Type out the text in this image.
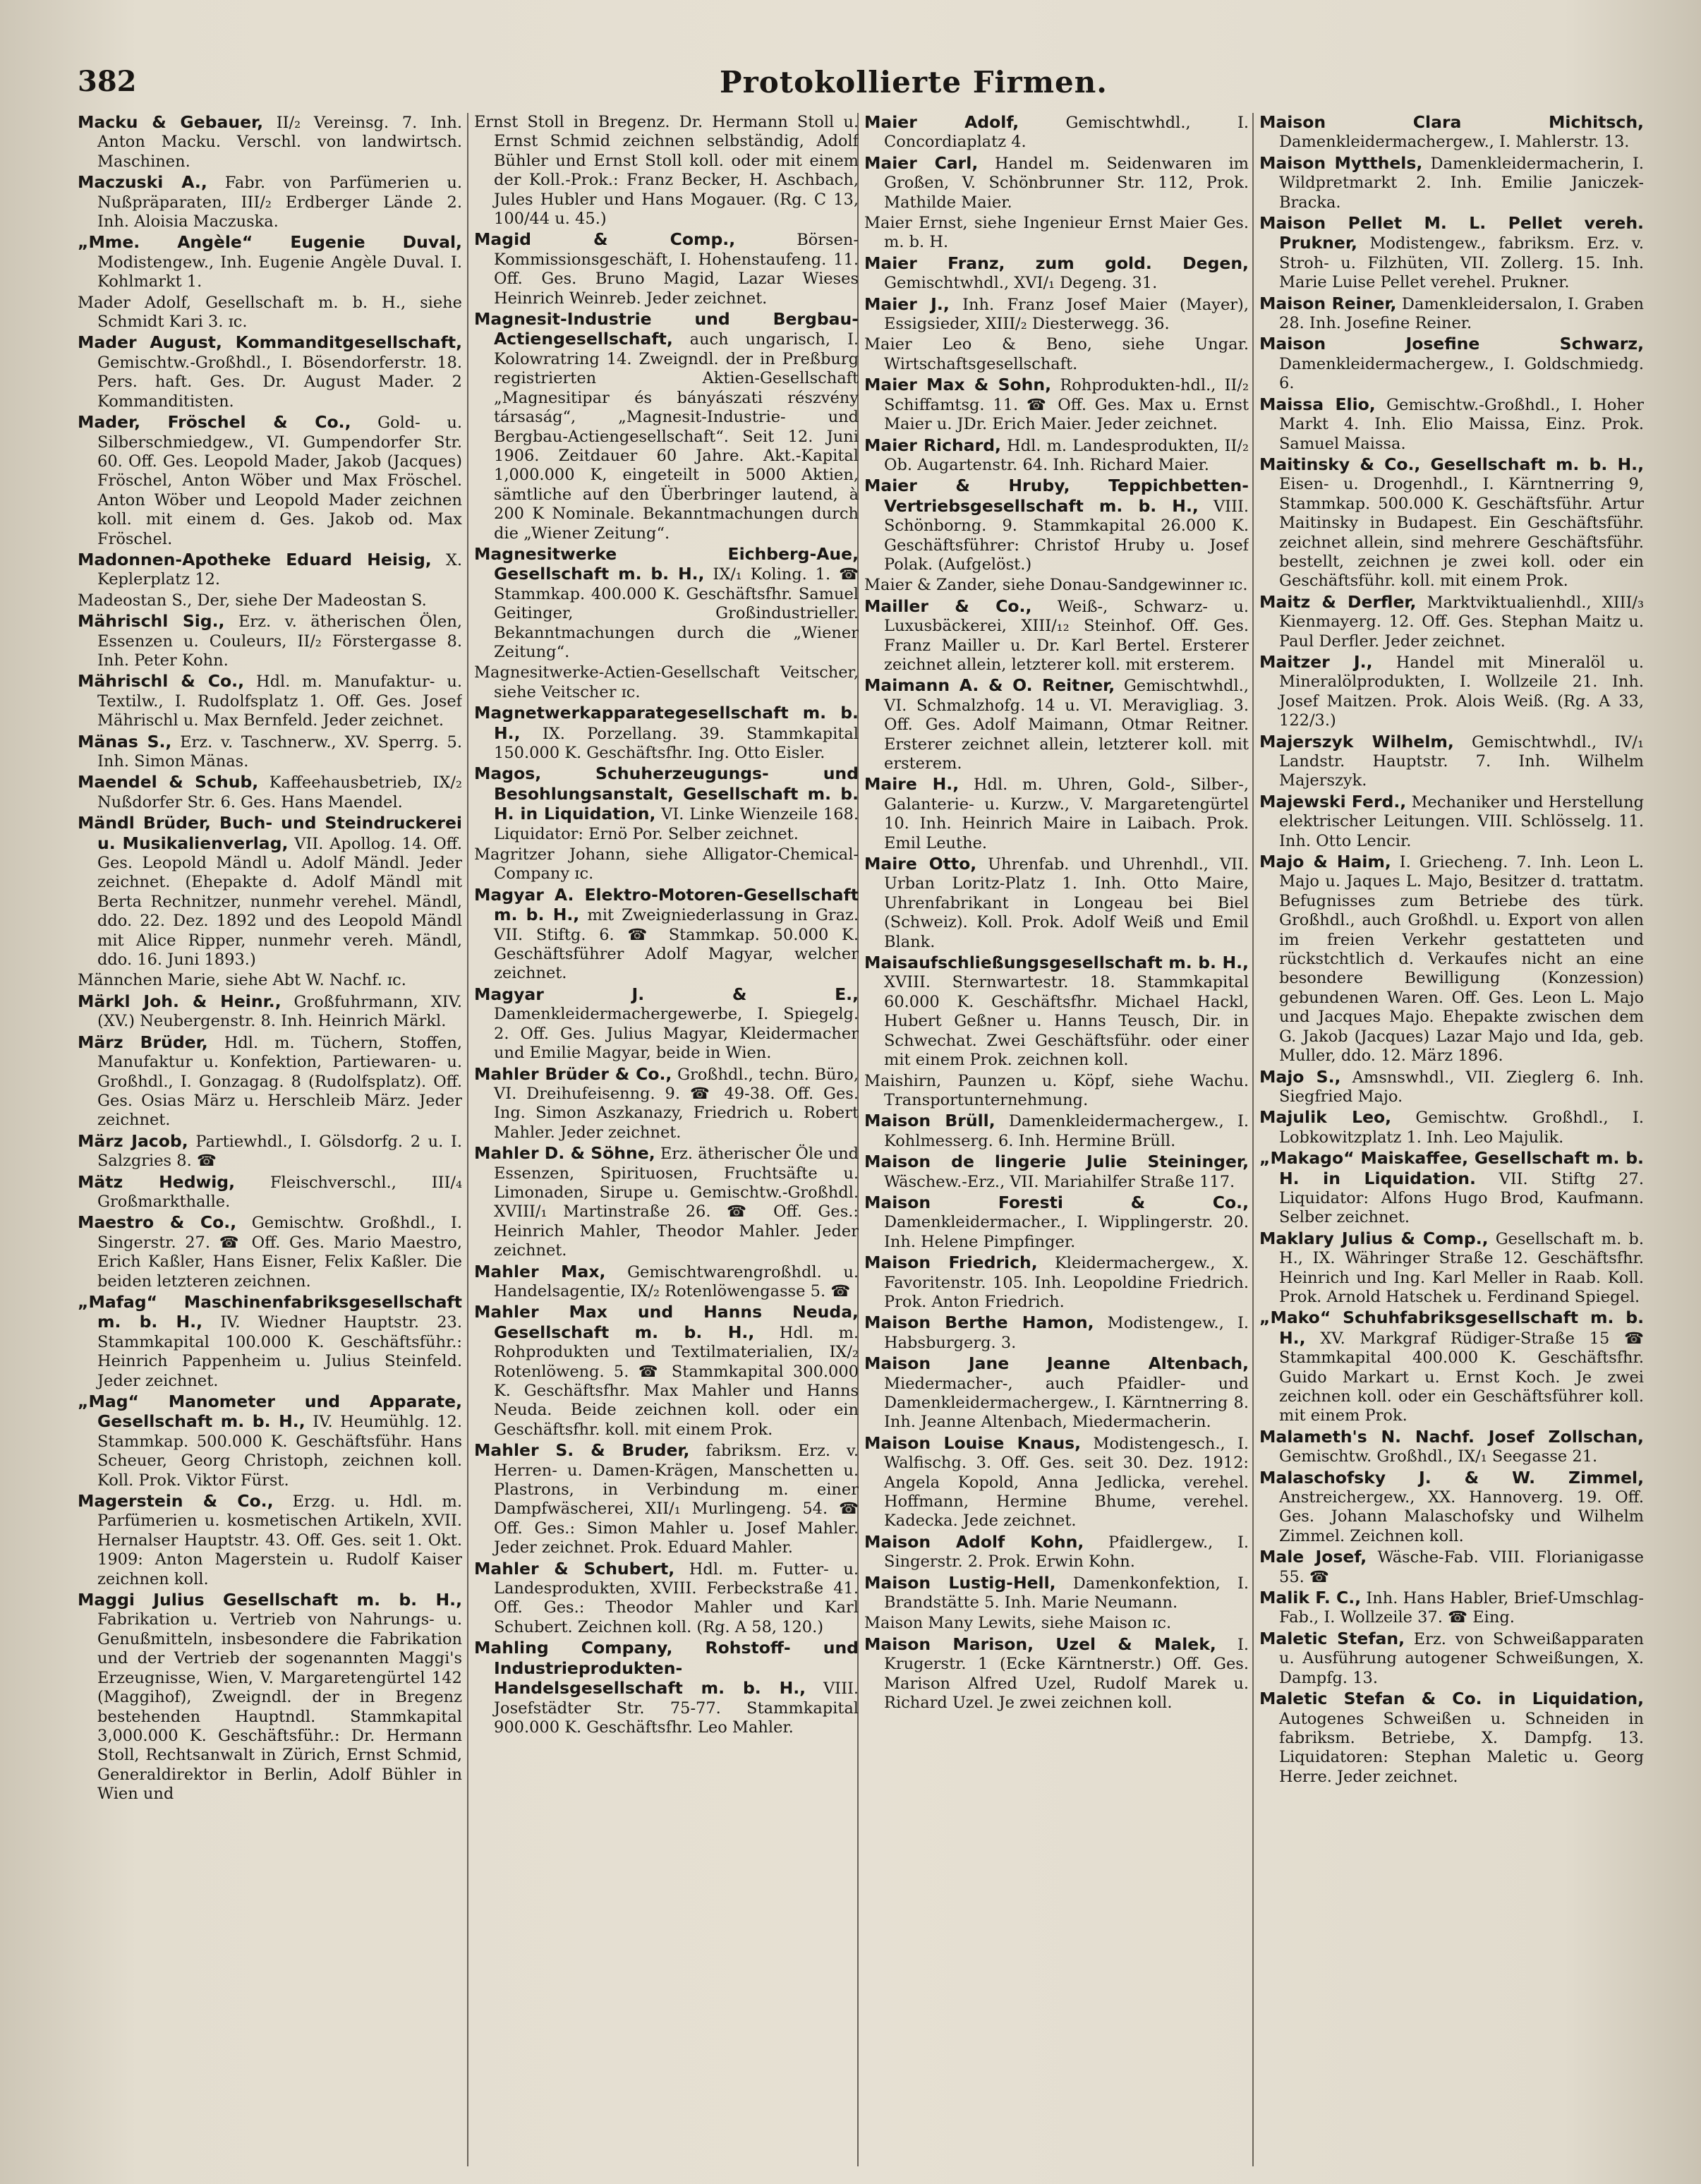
382	Protokollierte Firmen.

Macku & Gebauer, II/₂ Vereinsg. 7. Inh. Anton Macku. Verschl. von landwirtsch. Maschinen.

Maczuski A., Fabr. von Parfümerien u. Nußpräparaten, III/₂ Erdberger Lände 2. Inh. Aloisia Maczuska.

„Mme. Angèle“ Eugenie Duval, Modistengew., Inh. Eugenie Angèle Duval. I. Kohlmarkt 1.

Mader Adolf, Gesellschaft m. b. H., siehe Schmidt Kari 3. ɪc.

Mader August, Kommanditgesellschaft, Gemischtw.-Großhdl., I. Bösendorferstr. 18. Pers. haft. Ges. Dr. August Mader. 2 Kommanditisten.

Mader, Fröschel & Co., Gold- u. Silberschmiedgew., VI. Gumpendorfer Str. 60. Off. Ges. Leopold Mader, Jakob (Jacques) Fröschel, Anton Wöber und Max Fröschel. Anton Wöber und Leopold Mader zeichnen koll. mit einem d. Ges. Jakob od. Max Fröschel.

Madonnen-Apotheke Eduard Heisig, X. Keplerplatz 12.

Madeostan S., Der, siehe Der Madeostan S.

Mährischl Sig., Erz. v. ätherischen Ölen, Essenzen u. Couleurs, II/₂ Förstergasse 8. Inh. Peter Kohn.

Mährischl & Co., Hdl. m. Manufaktur- u. Textilw., I. Rudolfsplatz 1. Off. Ges. Josef Mährischl u. Max Bernfeld. Jeder zeichnet.

Mänas S., Erz. v. Taschnerw., XV. Sperrg. 5. Inh. Simon Mänas.

Maendel & Schub, Kaffeehausbetrieb, IX/₂ Nußdorfer Str. 6. Ges. Hans Maendel.

Mändl Brüder, Buch- und Steindruckerei u. Musikalienverlag, VII. Apollog. 14. Off. Ges. Leopold Mändl u. Adolf Mändl. Jeder zeichnet. (Ehepakte d. Adolf Mändl mit Berta Rechnitzer, nunmehr verehel. Mändl, ddo. 22. Dez. 1892 und des Leopold Mändl mit Alice Ripper, nunmehr vereh. Mändl, ddo. 16. Juni 1893.)

Männchen Marie, siehe Abt W. Nachf. ɪc.

Märkl Joh. & Heinr., Großfuhrmann, XIV. (XV.) Neubergenstr. 8. Inh. Heinrich Märkl.

März Brüder, Hdl. m. Tüchern, Stoffen, Manufaktur u. Konfektion, Partiewaren- u. Großhdl., I. Gonzagag. 8 (Rudolfsplatz). Off. Ges. Osias März u. Herschleib März. Jeder zeichnet.

März Jacob, Partiewhdl., I. Gölsdorfg. 2 u. I. Salzgries 8. ☎

Mätz Hedwig, Fleischverschl., III/₄ Großmarkthalle.

Maestro & Co., Gemischtw. Großhdl., I. Singerstr. 27. ☎ Off. Ges. Mario Maestro, Erich Kaßler, Hans Eisner, Felix Kaßler. Die beiden letzteren zeichnen.

„Mafag“ Maschinenfabriksgesellschaft m. b. H., IV. Wiedner Hauptstr. 23. Stammkapital 100.000 K. Geschäftsführ.: Heinrich Pappenheim u. Julius Steinfeld. Jeder zeichnet.

„Mag“ Manometer und Apparate, Gesellschaft m. b. H., IV. Heumühlg. 12. Stammkap. 500.000 K. Geschäftsführ. Hans Scheuer, Georg Christoph, zeichnen koll. Koll. Prok. Viktor Fürst.

Magerstein & Co., Erzg. u. Hdl. m. Parfümerien u. kosmetischen Artikeln, XVII. Hernalser Hauptstr. 43. Off. Ges. seit 1. Okt. 1909: Anton Magerstein u. Rudolf Kaiser zeichnen koll.

Maggi Julius Gesellschaft m. b. H., Fabrikation u. Vertrieb von Nahrungs- u. Genußmitteln, insbesondere die Fabrikation und der Vertrieb der sogenannten Maggi's Erzeugnisse, Wien, V. Margaretengürtel 142 (Maggihof), Zweigndl. der in Bregenz bestehenden Hauptndl. Stammkapital 3,000.000 K. Geschäftsführ.: Dr. Hermann Stoll, Rechtsanwalt in Zürich, Ernst Schmid, Generaldirektor in Berlin, Adolf Bühler in Wien und

Ernst Stoll in Bregenz. Dr. Hermann Stoll u. Ernst Schmid zeichnen selbständig, Adolf Bühler und Ernst Stoll koll. oder mit einem der Koll.-Prok.: Franz Becker, H. Aschbach, Jules Hubler und Hans Mogauer. (Rg. C 13, 100/44 u. 45.)

Magid & Comp.,	Börsen-Kommissionsgeschäft, I. Hohenstaufeng. 11. Off. Ges. Bruno Magid, Lazar Wieses Heinrich Weinreb. Jeder zeichnet.

Magnesit-Industrie und Bergbau-Actiengesellschaft, auch ungarisch, I. Kolowratring 14. Zweigndl. der in Preßburg registrierten Aktien-Gesellschaft „Magnesitipar és bányászati részvény társaság“, „Magnesit-Industrie- und Bergbau-Actiengesellschaft“. Seit 12. Juni 1906. Zeitdauer 60 Jahre. Akt.-Kapital 1,000.000 K, eingeteilt in 5000 Aktien, sämtliche auf den Überbringer lautend, à 200 K Nominale. Bekanntmachungen durch die „Wiener Zeitung“.

Magnesitwerke Eichberg-Aue, Gesellschaft m. b. H., IX/₁ Koling. 1. ☎ Stammkap. 400.000 K. Geschäftsfhr. Samuel Geitinger, Großindustrieller. Bekanntmachungen durch die „Wiener Zeitung“.

Magnesitwerke-Actien-Gesellschaft Veitscher, siehe Veitscher ɪc.

Magnetwerkapparategesellschaft m. b. H., IX. Porzellang. 39. Stammkapital 150.000 K. Geschäftsfhr. Ing. Otto Eisler.

Magos, Schuherzeugungs- und Besohlungsanstalt, Gesellschaft m. b. H. in Liquidation, VI. Linke Wienzeile 168. Liquidator: Ernö Por. Selber zeichnet.

Magritzer Johann, siehe Alligator-Chemical-Company ɪc.

Magyar A. Elektro-Motoren-Gesellschaft m. b. H., mit Zweigniederlassung in Graz. VII. Stiftg. 6. ☎ Stammkap. 50.000 K. Geschäftsführer Adolf Magyar, welcher zeichnet.

Magyar J. & E., Damenkleidermachergewerbe, I. Spiegelg. 2. Off. Ges. Julius Magyar, Kleidermacher und Emilie Magyar, beide in Wien.

Mahler Brüder & Co., Großhdl., techn. Büro, VI. Dreihufeisenng. 9. ☎ 49-38. Off. Ges. Ing. Simon Aszkanazy, Friedrich u. Robert Mahler. Jeder zeichnet.

Mahler D. & Söhne, Erz. ätherischer Öle und Essenzen, Spirituosen, Fruchtsäfte u. Limonaden, Sirupe u. Gemischtw.-Großhdl. XVIII/₁ Martinstraße 26. ☎ Off. Ges.: Heinrich Mahler, Theodor Mahler. Jeder zeichnet.

Mahler Max, Gemischtwarengroßhdl. u. Handelsagentie, IX/₂ Rotenlöwengasse 5. ☎

Mahler Max und Hanns Neuda, Gesellschaft m. b. H., Hdl. m. Rohprodukten und Textilmaterialien, IX/₂ Rotenlöweng. 5. ☎ Stammkapital 300.000 K. Geschäftsfhr. Max Mahler und Hanns Neuda. Beide zeichnen koll. oder ein Geschäftsfhr. koll. mit einem Prok.

Mahler S. & Bruder, fabriksm. Erz. v. Herren- u. Damen-Krägen, Manschetten u. Plastrons, in Verbindung m. einer Dampfwäscherei, XII/₁ Murlingeng. 54. ☎ Off. Ges.: Simon Mahler u. Josef Mahler. Jeder zeichnet. Prok. Eduard Mahler.

Mahler & Schubert, Hdl. m. Futter- u. Landesprodukten, XVIII. Ferbeckstraße 41. Off. Ges.: Theodor Mahler und Karl Schubert. Zeichnen koll. (Rg. A 58, 120.)

Mahling Company, Rohstoff- und Industrieprodukten-Handelsgesellschaft m. b. H., VIII. Josefstädter Str. 75-77. Stammkapital 900.000 K. Geschäftsfhr. Leo Mahler.

Maier Adolf,	Gemischtwhdl., I. Concordiaplatz 4.

Maier Carl, Handel m. Seidenwaren im Großen, V. Schönbrunner Str. 112, Prok. Mathilde Maier.

Maier Ernst, siehe Ingenieur Ernst Maier Ges. m. b. H.

Maier Franz, zum gold. Degen, Gemischtwhdl., XVI/₁ Degeng. 31.

Maier J., Inh. Franz Josef Maier (Mayer), Essigsieder, XIII/₂ Diesterwegg. 36.

Maier Leo & Beno, siehe Ungar. Wirtschaftsgesellschaft.

Maier Max & Sohn, Rohprodukten-hdl., II/₂ Schiffamtsg. 11. ☎ Off. Ges. Max u. Ernst Maier u. JDr. Erich Maier. Jeder zeichnet.

Maier Richard, Hdl. m. Landesprodukten, II/₂ Ob. Augartenstr. 64. Inh. Richard Maier.

Maier & Hruby, Teppichbetten-Vertriebsgesellschaft m. b. H., VIII. Schönborng. 9. Stammkapital 26.000 K. Geschäftsführer: Christof Hruby u. Josef Polak. (Aufgelöst.)

Maier & Zander, siehe Donau-Sandgewinner ɪc.

Mailler & Co., Weiß-, Schwarz- u. Luxusbäckerei, XIII/₁₂ Steinhof. Off. Ges. Franz Mailler u. Dr. Karl Bertel. Ersterer zeichnet allein, letzterer koll. mit ersterem.

Maimann A. & O. Reitner, Gemischtwhdl., VI. Schmalzhofg. 14 u. VI. Meravigliag. 3. Off. Ges. Adolf Maimann, Otmar Reitner. Ersterer zeichnet allein, letzterer koll. mit ersterem.

Maire H., Hdl. m. Uhren, Gold-, Silber-, Galanterie- u. Kurzw., V. Margaretengürtel 10. Inh. Heinrich Maire in Laibach. Prok. Emil Leuthe.

Maire Otto, Uhrenfab. und Uhrenhdl., VII. Urban Loritz-Platz 1. Inh. Otto Maire, Uhrenfabrikant in Longeau bei Biel (Schweiz). Koll. Prok. Adolf Weiß und Emil Blank.

Maisaufschließungsgesellschaft m. b. H., XVIII. Sternwartestr. 18. Stammkapital 60.000 K. Geschäftsfhr. Michael Hackl, Hubert Geßner u. Hanns Teusch, Dir. in Schwechat. Zwei Geschäftsführ. oder einer mit einem Prok. zeichnen koll.

Maishirn, Paunzen u. Köpf, siehe Wachu. Transportunternehmung.

Maison Brüll, Damenkleidermachergew., I. Kohlmesserg. 6. Inh. Hermine Brüll.

Maison de lingerie Julie Steininger, Wäschew.-Erz., VII. Mariahilfer Straße 117.

Maison Foresti & Co., Damenkleidermacher., I. Wipplingerstr. 20. Inh. Helene Pimpfinger.

Maison Friedrich, Kleidermachergew., X. Favoritenstr. 105. Inh. Leopoldine Friedrich. Prok. Anton Friedrich.

Maison Berthe Hamon, Modistengew., I. Habsburgerg. 3.

Maison Jane Jeanne Altenbach, Miedermacher-, auch Pfaidler- und Damenkleidermachergew., I. Kärntnerring 8. Inh. Jeanne Altenbach, Miedermacherin.

Maison Louise Knaus, Modistengesch., I. Walfischg. 3. Off. Ges. seit 30. Dez. 1912: Angela Kopold, Anna Jedlicka, verehel. Hoffmann, Hermine Bhume, verehel. Kadecka. Jede zeichnet.

Maison Adolf Kohn, Pfaidlergew., I. Singerstr. 2. Prok. Erwin Kohn.

Maison Lustig-Hell, Damenkonfektion, I. Brandstätte 5. Inh. Marie Neumann.

Maison Many Lewits, siehe Maison ɪc.

Maison Marison, Uzel & Malek, I. Krugerstr. 1 (Ecke Kärntnerstr.) Off. Ges. Marison Alfred Uzel, Rudolf Marek u. Richard Uzel. Je zwei zeichnen koll.

Maison Clara Michitsch, Damenkleidermachergew., I. Mahlerstr. 13.

Maison Mytthels, Damenkleidermacherin, I. Wildpretmarkt 2. Inh. Emilie Janiczek-Bracka.

Maison Pellet M. L. Pellet vereh. Prukner, Modistengew., fabriksm. Erz. v. Stroh- u. Filzhüten, VII. Zollerg. 15. Inh. Marie Luise Pellet verehel. Prukner.

Maison Reiner, Damenkleidersalon, I. Graben 28. Inh. Josefine Reiner.

Maison Josefine Schwarz, Damenkleidermachergew., I. Goldschmiedg. 6.

Maissa Elio, Gemischtw.-Großhdl., I. Hoher Markt 4. Inh. Elio Maissa, Einz. Prok. Samuel Maissa.

Maitinsky & Co., Gesellschaft m. b. H., Eisen- u. Drogenhdl., I. Kärntnerring 9, Stammkap. 500.000 K. Geschäftsführ. Artur Maitinsky in Budapest. Ein Geschäftsführ. zeichnet allein, sind mehrere Geschäftsführ. bestellt, zeichnen je zwei koll. oder ein Geschäftsführ. koll. mit einem Prok.

Maitz & Derfler, Marktviktualienhdl., XIII/₃ Kienmayerg. 12. Off. Ges. Stephan Maitz u. Paul Derfler. Jeder zeichnet.

Maitzer J., Handel mit Mineralöl u. Mineralölprodukten, I. Wollzeile 21. Inh. Josef Maitzen. Prok. Alois Weiß. (Rg. A 33, 122/3.)

Majerszyk Wilhelm, Gemischtwhdl., IV/₁ Landstr. Hauptstr. 7. Inh. Wilhelm Majerszyk.

Majewski Ferd., Mechaniker und Herstellung elektrischer Leitungen. VIII. Schlösselg. 11. Inh. Otto Lencir.

Majo & Haim, I. Griecheng. 7. Inh. Leon L. Majo u. Jaques L. Majo, Besitzer d. trattatm. Befugnisses zum Betriebe des türk. Großhdl., auch Großhdl. u. Export von allen im freien Verkehr gestatteten und rückstchtlich d. Verkaufes nicht an eine besondere Bewilligung (Konzession) gebundenen Waren. Off. Ges. Leon L. Majo und Jacques Majo. Ehepakte zwischen dem G. Jakob (Jacques) Lazar Majo und Ida, geb. Muller, ddo. 12. März 1896.

Majo S., Amsnswhdl., VII. Zieglerg 6. Inh. Siegfried Majo.

Majulik Leo, Gemischtw. Großhdl., I. Lobkowitzplatz 1. Inh. Leo Majulik.

„Makago“ Maiskaffee, Gesellschaft m. b. H. in Liquidation. VII. Stiftg 27. Liquidator: Alfons Hugo Brod, Kaufmann. Selber zeichnet.

Maklary Julius & Comp., Gesellschaft m. b. H., IX. Währinger Straße 12. Geschäftsfhr. Heinrich und Ing. Karl Meller in Raab. Koll. Prok. Arnold Hatschek u. Ferdinand Spiegel.

„Mako“ Schuhfabriksgesellschaft m. b. H., XV. Markgraf Rüdiger-Straße 15 ☎ Stammkapital 400.000 K. Geschäftsfhr. Guido Markart u. Ernst Koch. Je zwei zeichnen koll. oder ein Geschäftsführer koll. mit einem Prok.

Malameth's N. Nachf. Josef Zollschan, Gemischtw. Großhdl., IX/₁ Seegasse 21.

Malaschofsky J. & W. Zimmel, Anstreichergew., XX. Hannoverg. 19. Off. Ges. Johann Malaschofsky und Wilhelm Zimmel. Zeichnen koll.

Male Josef, Wäsche-Fab. VIII. Florianigasse 55. ☎

Malik F. C., Inh. Hans Habler, Brief-Umschlag-Fab., I. Wollzeile 37. ☎ Eing.

Maletic Stefan, Erz. von Schweißapparaten u. Ausführung autogener Schweißungen, X. Dampfg. 13.

Maletic Stefan & Co. in Liquidation, Autogenes Schweißen u. Schneiden in fabriksm. Betriebe, X. Dampfg. 13. Liquidatoren: Stephan Maletic u. Georg Herre. Jeder zeichnet.
